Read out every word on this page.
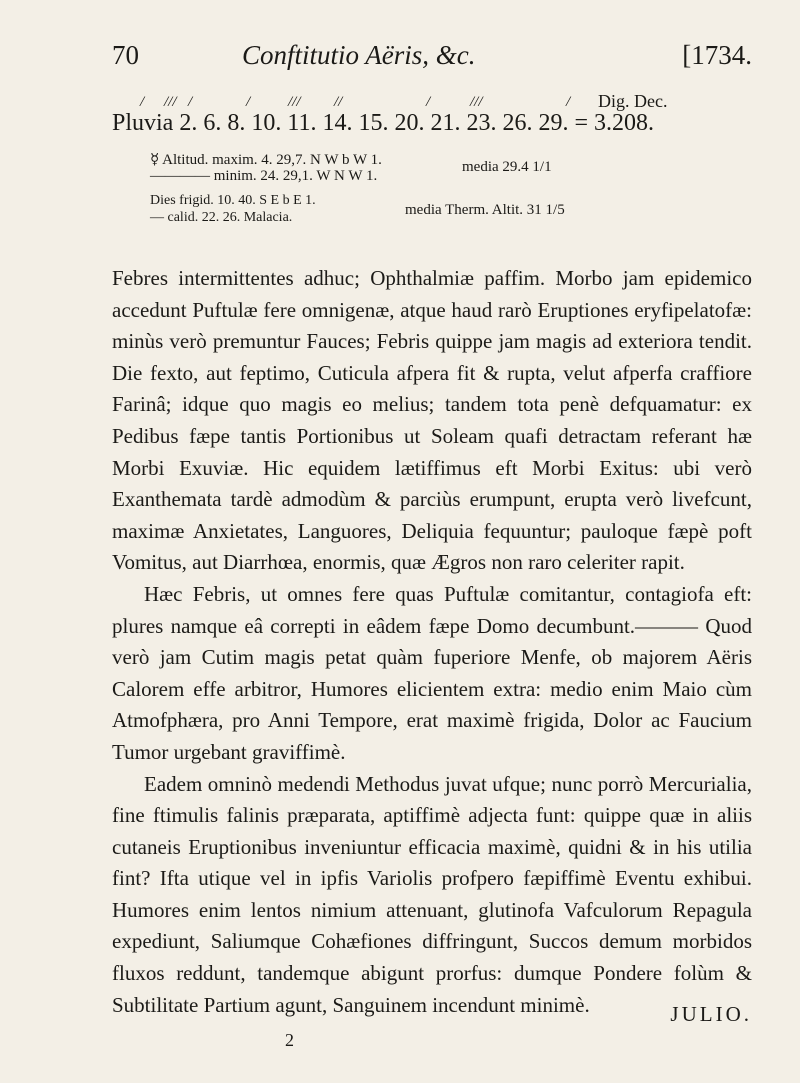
70	Conftitutio Aëris, &c.	[1734.
/ /// /	/	/// //	/	///	/ Dig. Dec.
Pluvia 2. 6. 8. 10. 11. 14. 15. 20. 21. 23. 26. 29. = 3.208.
☿ Altitud. maxim. 4. 29,7. N W b W 1.
———— minim. 24. 29,1. W N W 1.
media 29.4 1/1
Dies frigid. 10. 40. S E b E 1.
— calid. 22. 26. Malacia.	media Therm. Altit. 31 1/5

Febres intermittentes adhuc; Ophthalmiæ paffim. Morbo jam epidemico accedunt Puftulæ fere omnigenæ, atque haud rarò Eruptiones eryfipelatofæ: minùs verò premuntur Fauces; Febris quippe jam magis ad exteriora tendit. Die fexto, aut feptimo, Cuticula afpera fit & rupta, velut afperfa craffiore Farinâ; idque quo magis eo melius; tandem tota penè defquamatur: ex Pedibus fæpe tantis Portionibus ut Soleam quafi detractam referant hæ Morbi Exuviæ. Hic equidem lætiffimus eft Morbi Exitus: ubi verò Exanthemata tardè admodùm & parciùs erumpunt, erupta verò livefcunt, maximæ Anxietates, Languores, Deliquia fequuntur; pauloque fæpè poft Vomitus, aut Diarrhœa, enormis, quæ Ægros non raro celeriter rapit.

Hæc Febris, ut omnes fere quas Puftulæ comitantur, contagiofa eft: plures namque eâ correpti in eâdem fæpe Domo decumbunt.——— Quod verò jam Cutim magis petat quàm fuperiore Menfe, ob majorem Aëris Calorem effe arbitror, Humores elicientem extra: medio enim Maio cùm Atmofphæra, pro Anni Tempore, erat maximè frigida, Dolor ac Faucium Tumor urgebant graviffimè.

Eadem omninò medendi Methodus juvat ufque; nunc porrò Mercurialia, fine ftimulis falinis præparata, aptiffimè adjecta funt: quippe quæ in aliis cutaneis Eruptionibus inveniuntur efficacia maximè, quidni & in his utilia fint? Ifta utique vel in ipfis Variolis profpero fæpiffimè Eventu exhibui. Humores enim lentos nimium attenuant, glutinofa Vafculorum Repagula expediunt, Saliumque Cohæfiones diffringunt, Succos demum morbidos fluxos reddunt, tandemque abigunt prorfus: dumque Pondere folùm & Subtilitate Partium agunt, Sanguinem incendunt minimè.	JULIO.
2
